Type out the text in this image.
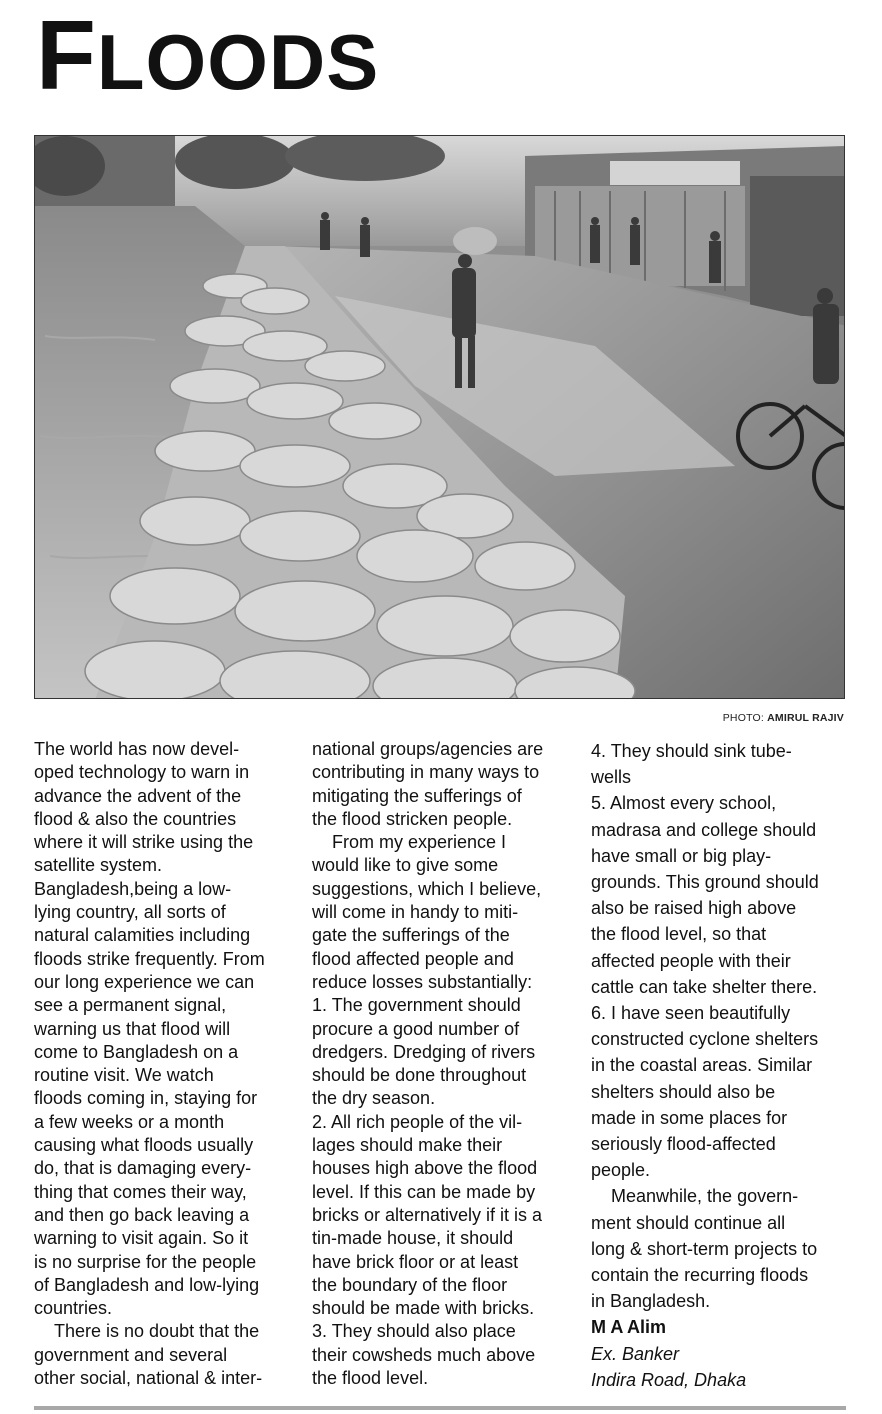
FLOODS
PHOTO: AMIRUL RAJIV

The world has now devel-
oped technology to warn in
advance the advent of the
flood & also the countries
where it will strike using the
satellite system.
Bangladesh,being a low-
lying country, all sorts of
natural calamities including
floods strike frequently. From
our long experience we can
see a permanent signal,
warning us that flood will
come to Bangladesh on a
routine visit. We watch
floods coming in, staying for
a few weeks or a month
causing what floods usually
do, that is damaging every-
thing that comes their way,
and then go back leaving a
warning to visit again. So it
is no surprise for the people
of Bangladesh and low-lying
countries.

There is no doubt that the
government and several
other social, national & inter-

national groups/agencies are
contributing in many ways to
mitigating the sufferings of
the flood stricken people.

From my experience I
would like to give some
suggestions, which I believe,
will come in handy to miti-
gate the sufferings of the
flood affected people and
reduce losses substantially:

1. The government should
procure a good number of
dredgers. Dredging of rivers
should be done throughout
the dry season.
2. All rich people of the vil-
lages should make their
houses high above the flood
level. If this can be made by
bricks or alternatively if it is a
tin-made house, it should
have brick floor or at least
the boundary of the floor
should be made with bricks.
3. They should also place
their cowsheds much above
the flood level.

4. They should sink tube-
wells
5. Almost every school,
madrasa and college should
have small or big play-
grounds. This ground should
also be raised high above
the flood level, so that
affected people with their
cattle can take shelter there.
6. I have seen beautifully
constructed cyclone shelters
in the coastal areas. Similar
shelters should also be
made in some places for
seriously flood-affected
people.

Meanwhile, the govern-
ment should continue all
long & short-term projects to
contain the recurring floods
in Bangladesh.

M A Alim
Ex. Banker
Indira Road, Dhaka
